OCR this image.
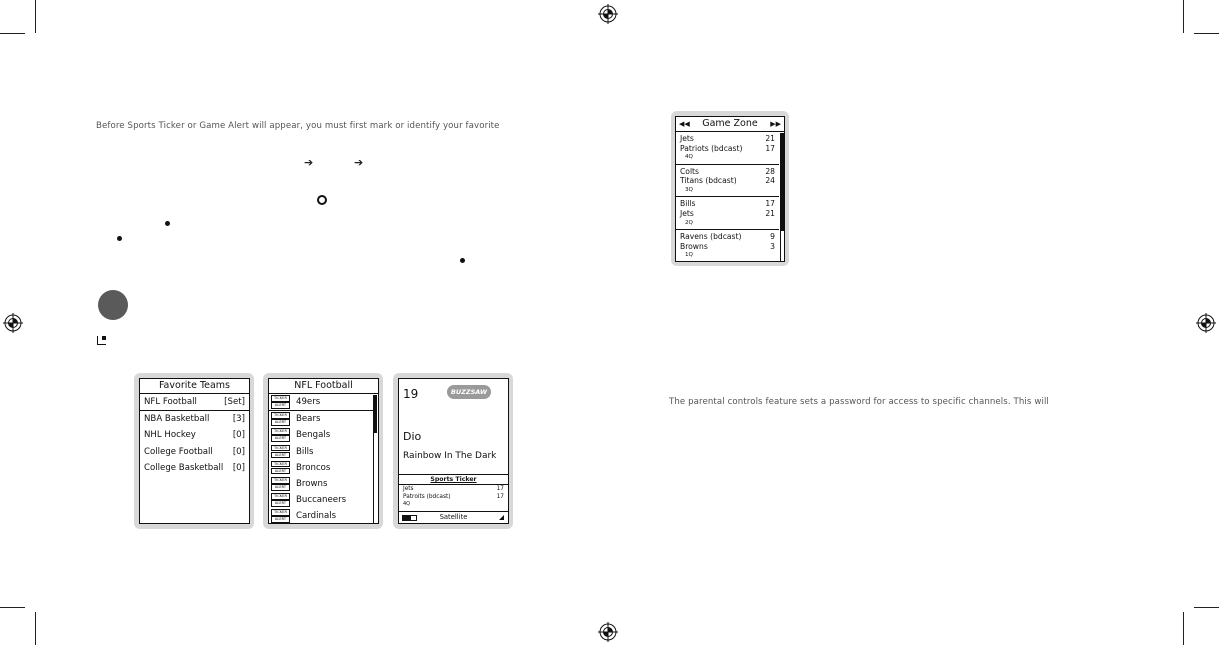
Before Sports Ticker or Game Alert will appear, you must first mark or identify your favorite
➔	➔
Favorite Teams
NFL Football	[Set]
NBA Basketball	[3]
NHL Hockey	[0]
College Football [0]
College Basketball [0]
NFL Football
TICKER
ALERT	49ers
TICKER
ALERT	Bears
TICKER
ALERT	Bengals
TICKER
ALERT	Bills
TICKER
ALERT	Broncos
TICKER
ALERT	Browns
TICKER
ALERT	Buccaneers
TICKER
ALERT	Cardinals
19	BUZZSAW
Dio
Rainbow In The Dark
Sports Ticker
Jets	17
Patroits (bdcast)	17
4Q
Satellite
◀◀ Game Zone ▶▶
Jets	21
Patriots (bdcast)	17
4Q
Colts	28
Titans (bdcast)	24
3Q
Bills	17
Jets	21
2Q
Ravens (bdcast)	9
Browns	3
1Q
The parental controls feature sets a password for access to specific channels. This will
